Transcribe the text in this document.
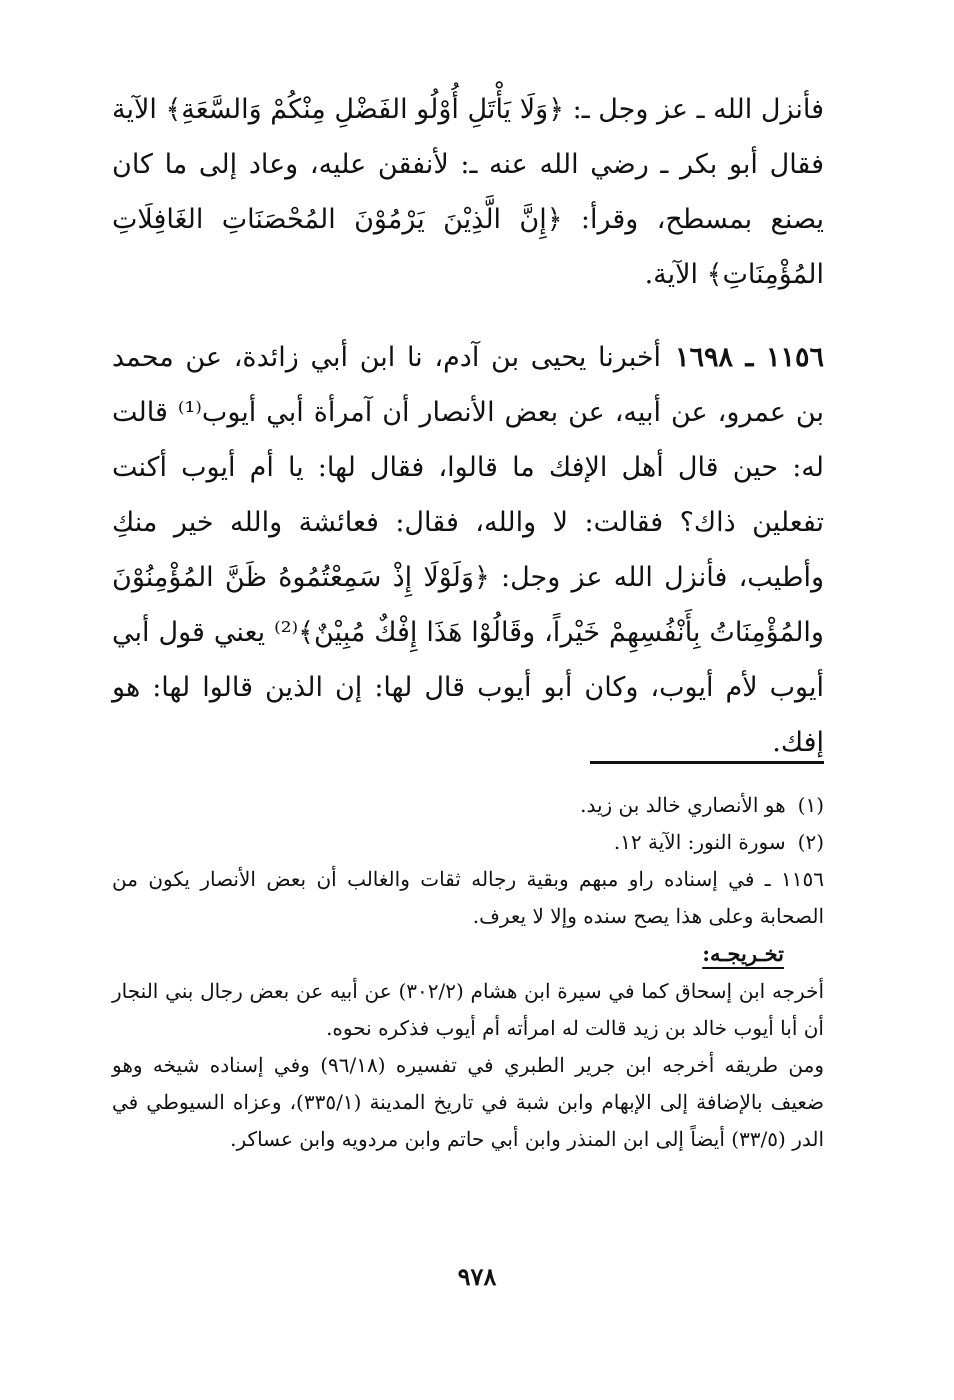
فأنزل الله ـ عز وجل ـ: ﴿وَلَا يَأْتَلِ أُوْلُو الفَضْلِ مِنْكُمْ وَالسَّعَةِ﴾ الآية فقال أبو بكر ـ رضي الله عنه ـ: لأنفقن عليه، وعاد إلى ما كان يصنع بمسطح، وقرأ: ﴿إِنَّ الَّذِيْنَ يَرْمُوْنَ المُحْصَنَاتِ الغَافِلَاتِ المُؤْمِنَاتِ﴾ الآية.

١١٥٦ ـ ١٦٩٨أخبرنا يحيى بن آدم، نا ابن أبي زائدة، عن محمد بن عمرو، عن أبيه، عن بعض الأنصار أن آمرأة أبي أيوب⁽¹⁾ قالت له: حين قال أهل الإفك ما قالوا، فقال لها: يا أم أيوب أكنت تفعلين ذاك؟ فقالت: لا والله، فقال: فعائشة والله خير منكِ وأطيب، فأنزل الله عز وجل: ﴿وَلَوْلَا إِذْ سَمِعْتُمُوهُ ظَنَّ المُؤْمِنُوْنَ والمُؤْمِنَاتُ بِأَنْفُسِهِمْ خَيْراً، وقَالُوْا هَذَا إِفْكٌ مُبِيْنٌ﴾⁽²⁾ يعني قول أبي أيوب لأم أيوب، وكان أبو أيوب قال لها: إن الذين قالوا لها: هو إفك.

(١)هو الأنصاري خالد بن زيد.

(٢)سورة النور: الآية ١٢.

١١٥٦ ـ في إسناده راو مبهم وبقية رجاله ثقات والغالب أن بعض الأنصار يكون من الصحابة وعلى هذا يصح سنده وإلا لا يعرف.

تخـريجـه:

أخرجه ابن إسحاق كما في سيرة ابن هشام (٣٠٢/٢) عن أبيه عن بعض رجال بني النجار أن أبا أيوب خالد بن زيد قالت له امرأته أم أيوب فذكره نحوه.

ومن طريقه أخرجه ابن جرير الطبري في تفسيره (٩٦/١٨) وفي إسناده شيخه وهو ضعيف بالإضافة إلى الإبهام وابن شبة في تاريخ المدينة (٣٣٥/١)، وعزاه السيوطي في الدر (٣٣/٥) أيضاً إلى ابن المنذر وابن أبي حاتم وابن مردويه وابن عساكر.

٩٧٨
